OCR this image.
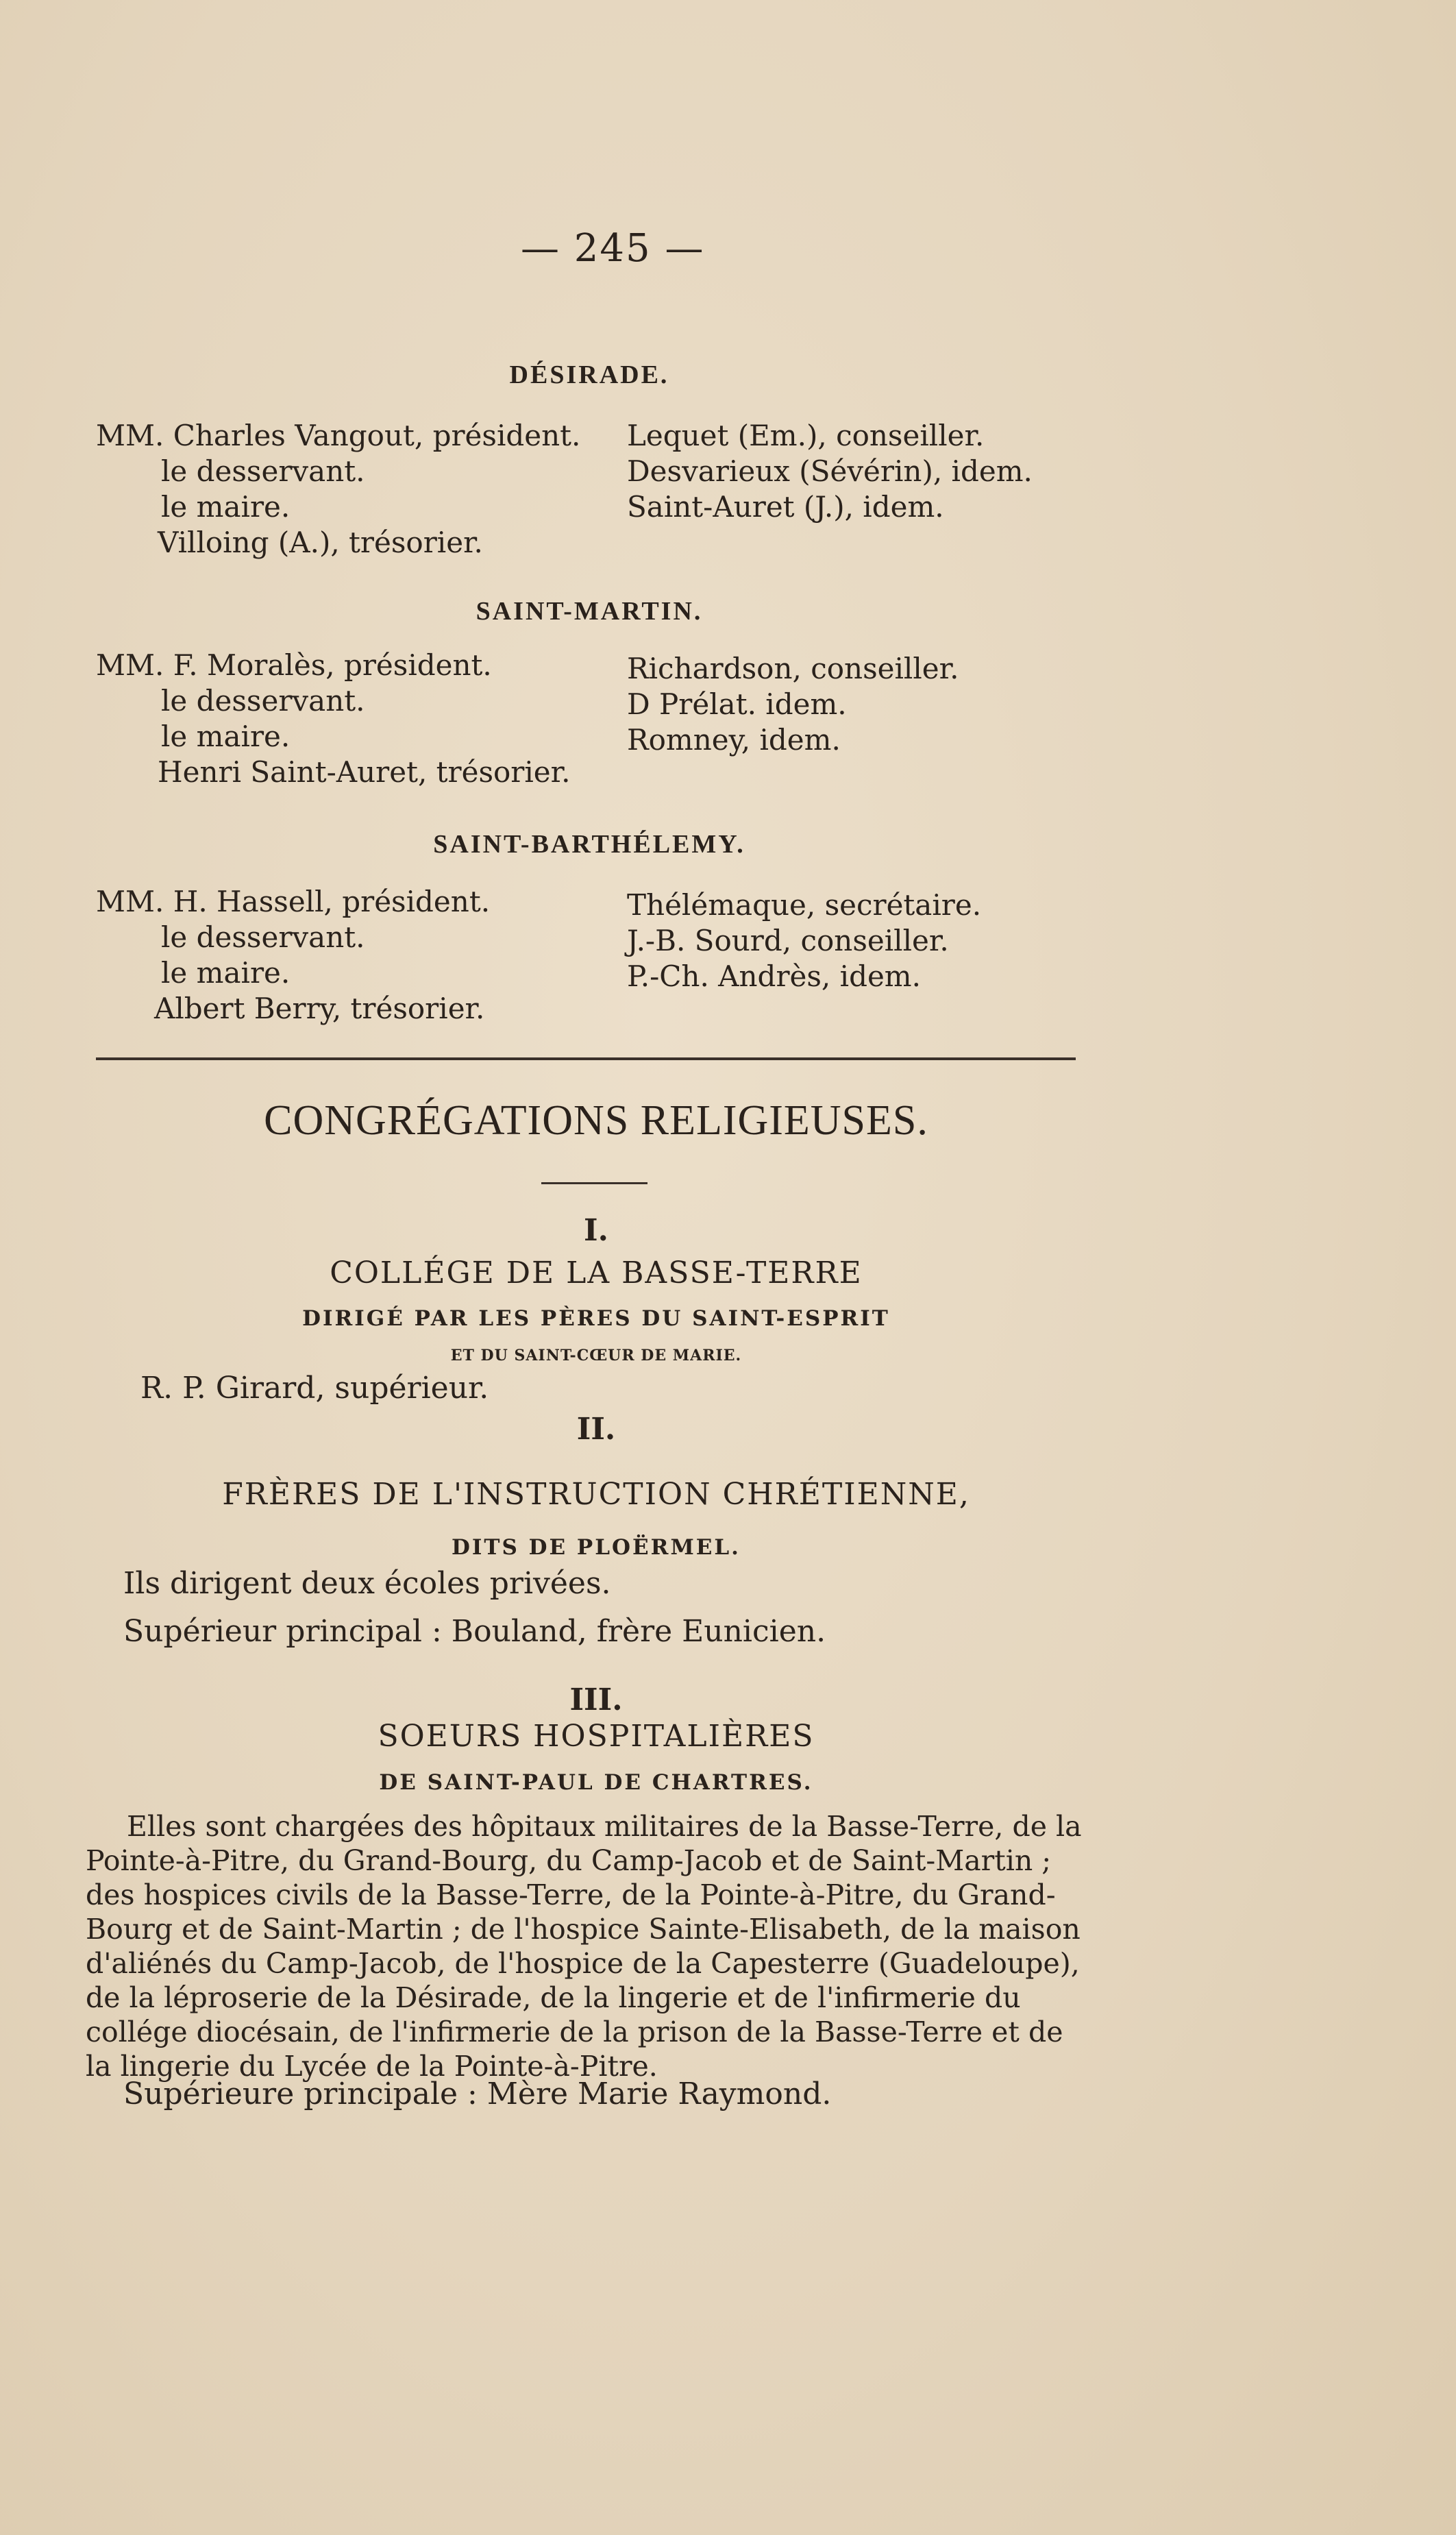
— 245 —
DÉSIRADE.
MM. Charles Vangout, président.
le desservant.
le maire.
Villoing (A.), trésorier.
Lequet (Em.), conseiller.
Desvarieux (Sévérin), idem.
Saint-Auret (J.), idem.
SAINT-MARTIN.
MM. F. Moralès, président.
le desservant.
le maire.
Henri Saint-Auret, trésorier.
Richardson, conseiller.
D Prélat. idem.
Romney, idem.
SAINT-BARTHÉLEMY.
MM. H. Hassell, président.
le desservant.
le maire.
Albert Berry, trésorier.
Thélémaque, secrétaire.
J.-B. Sourd, conseiller.
P.-Ch. Andrès, idem.
CONGRÉGATIONS RELIGIEUSES.
I.
COLLÉGE DE LA BASSE-TERRE
DIRIGÉ PAR LES PÈRES DU SAINT-ESPRIT
ET DU SAINT-CŒUR DE MARIE.
R. P. Girard, supérieur.
II.
FRÈRES DE L'INSTRUCTION CHRÉTIENNE,
DITS DE PLOËRMEL.
Ils dirigent deux écoles privées.
Supérieur principal : Bouland, frère Eunicien.
III.
SOEURS HOSPITALIÈRES
DE SAINT-PAUL DE CHARTRES.
Elles sont chargées des hôpitaux militaires de la Basse-Terre, de la
Pointe-à-Pitre, du Grand-Bourg, du Camp-Jacob et de Saint-Martin ;
des hospices civils de la Basse-Terre, de la Pointe-à-Pitre, du Grand-
Bourg et de Saint-Martin ; de l'hospice Sainte-Elisabeth, de la maison
d'aliénés du Camp-Jacob, de l'hospice de la Capesterre (Guadeloupe),
de la léproserie de la Désirade, de la lingerie et de l'infirmerie du
collége diocésain, de l'infirmerie de la prison de la Basse-Terre et de
la lingerie du Lycée de la Pointe-à-Pitre.
Supérieure principale : Mère Marie Raymond.
